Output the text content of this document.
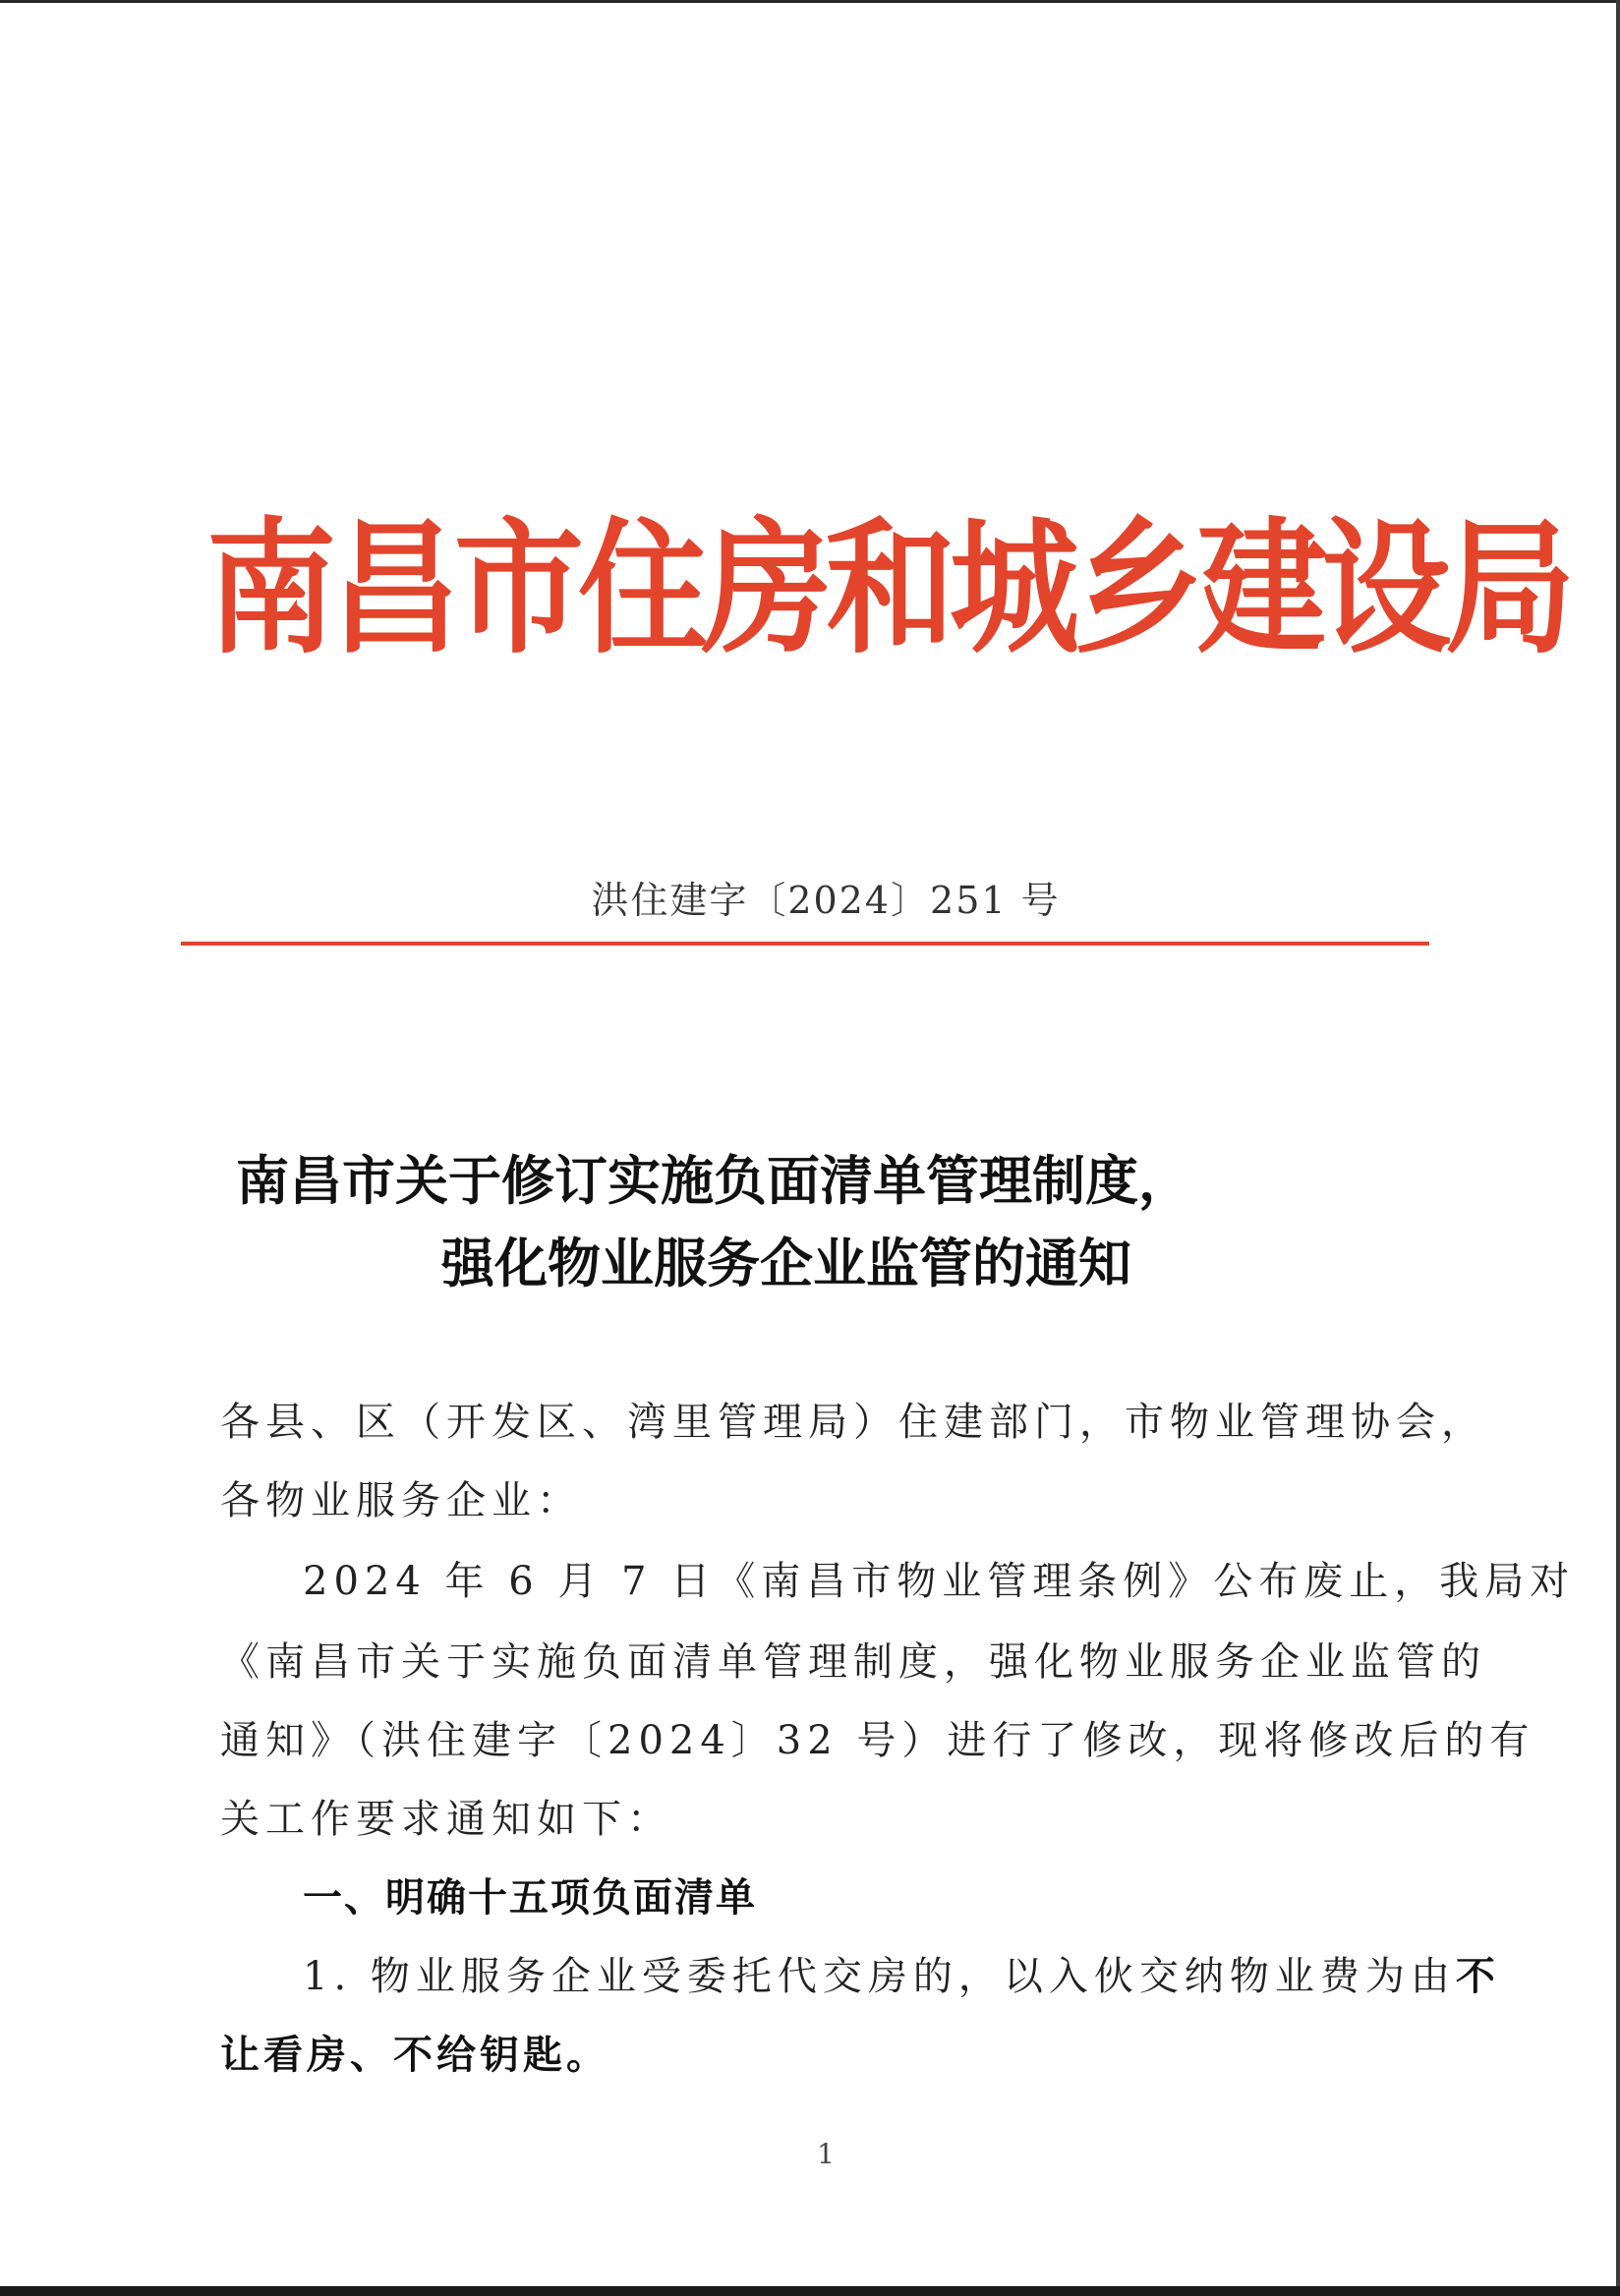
南昌市住房和城乡建设局
洪住建字〔2024〕251 号
南昌市关于修订实施负面清单管理制度，
强化物业服务企业监管的通知
各县、区（开发区、湾里管理局）住建部门，市物业管理协会，
各物业服务企业：
2024 年 6 月 7 日《南昌市物业管理条例》公布废止，我局对
《南昌市关于实施负面清单管理制度，强化物业服务企业监管的
通知》（洪住建字〔2024〕32 号）进行了修改，现将修改后的有
关工作要求通知如下：
一、明确十五项负面清单
1. 物业服务企业受委托代交房的，以入伙交纳物业费为由不
让看房、不给钥匙。
1
